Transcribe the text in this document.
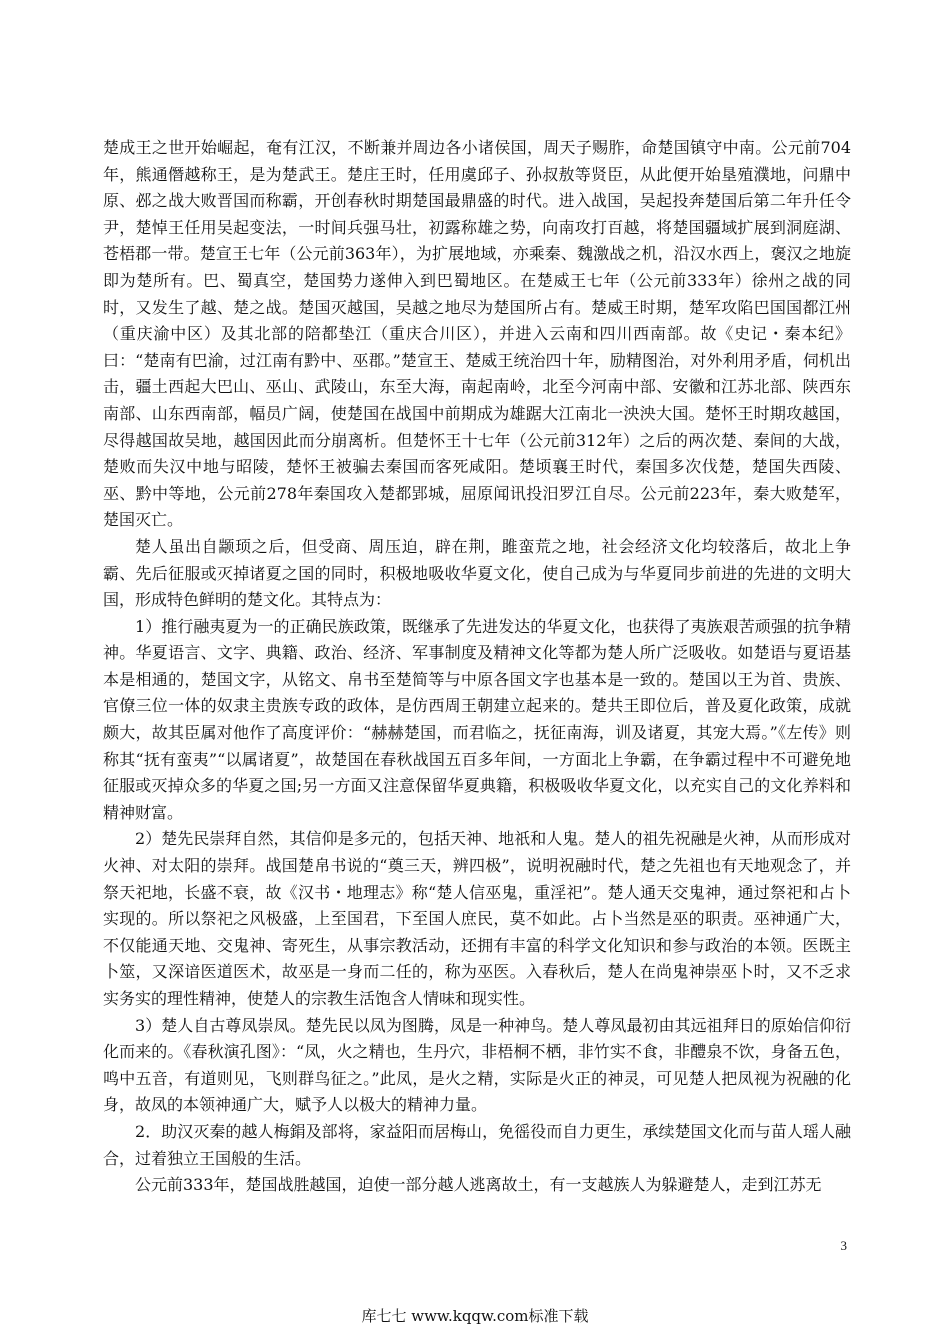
楚成王之世开始崛起，奄有江汉，不断兼并周边各小诸侯国，周天子赐胙，命楚国镇守中南。公元前704年，熊通僭越称王，是为楚武王。楚庄王时，任用虞邱子、孙叔敖等贤臣，从此便开始垦殖濮地，问鼎中原、邲之战大败晋国而称霸，开创春秋时期楚国最鼎盛的时代。进入战国，吴起投奔楚国后第二年升任令尹，楚悼王任用吴起变法，一时间兵强马壮，初露称雄之势，向南攻打百越，将楚国疆域扩展到洞庭湖、苍梧郡一带。楚宣王七年（公元前363年），为扩展地域，亦乘秦、魏激战之机，沿汉水西上，褒汉之地旋即为楚所有。巴、蜀真空，楚国势力遂伸入到巴蜀地区。在楚威王七年（公元前333年）徐州之战的同时，又发生了越、楚之战。楚国灭越国，吴越之地尽为楚国所占有。楚威王时期，楚军攻陷巴国国都江州（重庆渝中区）及其北部的陪都垫江（重庆合川区），并进入云南和四川西南部。故《史记・秦本纪》曰：“楚南有巴渝，过江南有黔中、巫郡。”楚宣王、楚威王统治四十年，励精图治，对外利用矛盾，伺机出击，疆土西起大巴山、巫山、武陵山，东至大海，南起南岭，北至今河南中部、安徽和江苏北部、陕西东南部、山东西南部，幅员广阔，使楚国在战国中前期成为雄踞大江南北一泱泱大国。楚怀王时期攻越国，尽得越国故吴地，越国因此而分崩离析。但楚怀王十七年（公元前312年）之后的两次楚、秦间的大战，楚败而失汉中地与昭陵，楚怀王被骗去秦国而客死咸阳。楚顷襄王时代，秦国多次伐楚，楚国失西陵、巫、黔中等地，公元前278年秦国攻入楚都郢城，屈原闻讯投汨罗江自尽。公元前223年，秦大败楚军，楚国灭亡。

楚人虽出自颛顼之后，但受商、周压迫，辟在荆，雎蛮荒之地，社会经济文化均较落后，故北上争霸、先后征服或灭掉诸夏之国的同时，积极地吸收华夏文化，使自己成为与华夏同步前进的先进的文明大国，形成特色鲜明的楚文化。其特点为：

1）推行融夷夏为一的正确民族政策，既继承了先进发达的华夏文化，也获得了夷族艰苦顽强的抗争精神。华夏语言、文字、典籍、政治、经济、军事制度及精神文化等都为楚人所广泛吸收。如楚语与夏语基本是相通的，楚国文字，从铭文、帛书至楚简等与中原各国文字也基本是一致的。楚国以王为首、贵族、官僚三位一体的奴隶主贵族专政的政体，是仿西周王朝建立起来的。楚共王即位后，普及夏化政策，成就颇大，故其臣属对他作了高度评价：“赫赫楚国，而君临之，抚征南海，训及诸夏，其宠大焉。”《左传》则称其“抚有蛮夷”“以属诸夏”，故楚国在春秋战国五百多年间，一方面北上争霸，在争霸过程中不可避免地征服或灭掉众多的华夏之国;另一方面又注意保留华夏典籍，积极吸收华夏文化，以充实自己的文化养料和精神财富。

2）楚先民崇拜自然，其信仰是多元的，包括天神、地祇和人鬼。楚人的祖先祝融是火神，从而形成对火神、对太阳的崇拜。战国楚帛书说的“奠三天，辨四极”，说明祝融时代，楚之先祖也有天地观念了，并祭天祀地，长盛不衰，故《汉书・地理志》称“楚人信巫鬼，重淫祀”。楚人通天交鬼神，通过祭祀和占卜实现的。所以祭祀之风极盛，上至国君，下至国人庶民，莫不如此。占卜当然是巫的职责。巫神通广大，不仅能通天地、交鬼神、寄死生，从事宗教活动，还拥有丰富的科学文化知识和参与政治的本领。医既主卜筮，又深谙医道医术，故巫是一身而二任的，称为巫医。入春秋后，楚人在尚鬼神崇巫卜时，又不乏求实务实的理性精神，使楚人的宗教生活饱含人情味和现实性。

3）楚人自古尊凤崇凤。楚先民以凤为图腾，凤是一种神鸟。楚人尊凤最初由其远祖拜日的原始信仰衍化而来的。《春秋演孔图》：“凤，火之精也，生丹穴，非梧桐不栖，非竹实不食，非醴泉不饮，身备五色，鸣中五音，有道则见，飞则群鸟征之。”此凤，是火之精，实际是火正的神灵，可见楚人把凤视为祝融的化身，故凤的本领神通广大，赋予人以极大的精神力量。

2．助汉灭秦的越人梅鋗及部将，家益阳而居梅山，免徭役而自力更生，承续楚国文化而与苗人瑶人融合，过着独立王国般的生活。

公元前333年，楚国战胜越国，迫使一部分越人逃离故土，有一支越族人为躲避楚人，走到江苏无

3
库七七 www.kqqw.com标准下载
